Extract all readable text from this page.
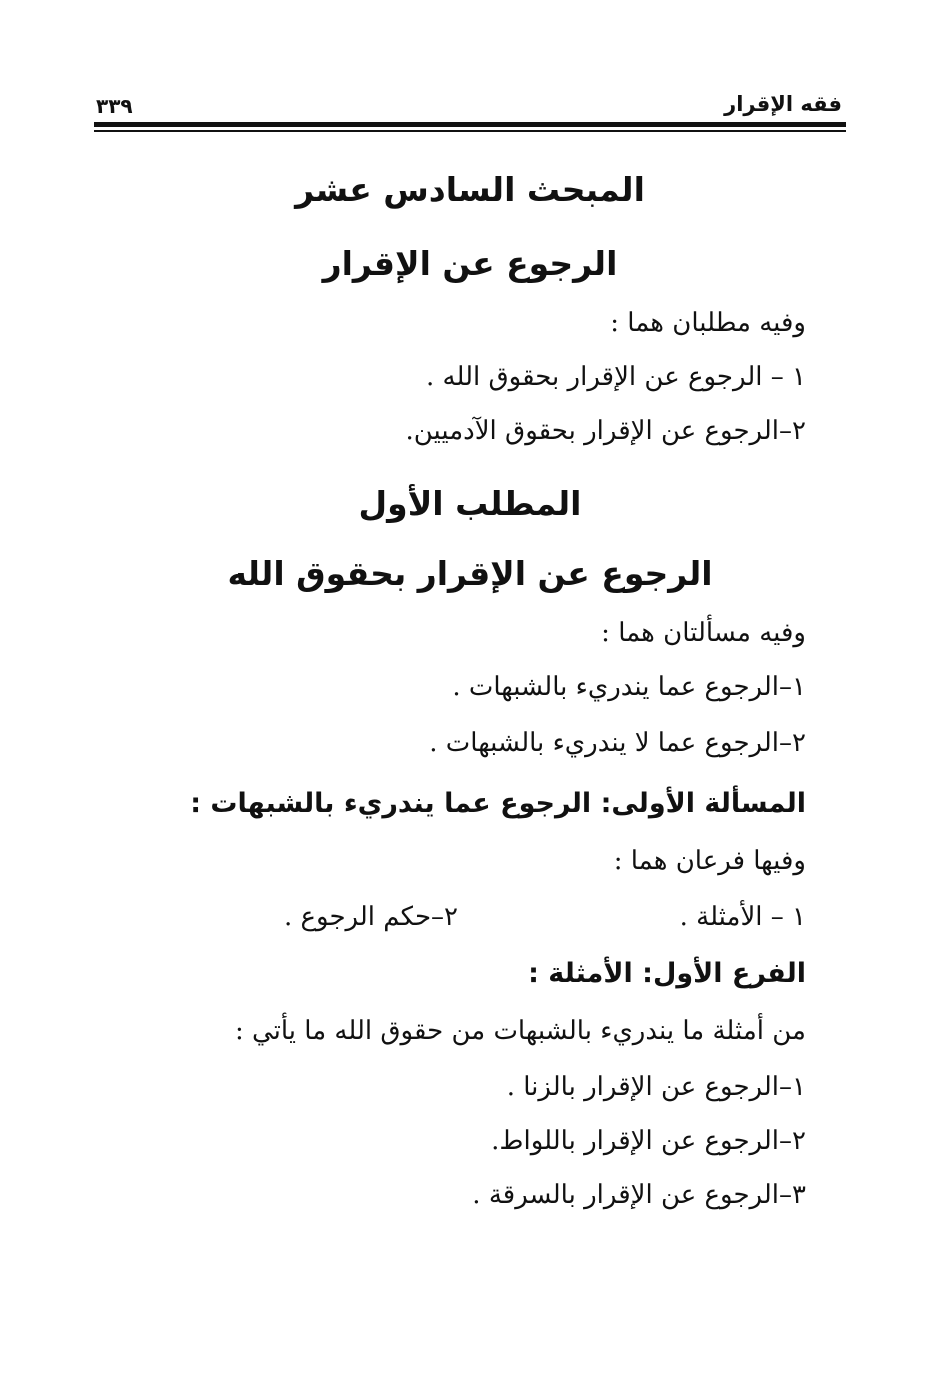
٣٣٩	فقه الإقرار
المبحث السادس عشر
الرجوع عن الإقرار
وفيه مطلبان هما :
١ – الرجوع عن الإقرار بحقوق الله .
٢–الرجوع عن الإقرار بحقوق الآدميين.
المطلب الأول
الرجوع عن الإقرار بحقوق الله
وفيه مسألتان هما :
١–الرجوع عما يندريء بالشبهات .
٢–الرجوع عما لا يندريء بالشبهات .
المسألة الأولى: الرجوع عما يندريء بالشبهات :
وفيها فرعان هما :
١ – الأمثلة .
٢–حكم الرجوع .
الفرع الأول: الأمثلة :
من أمثلة ما يندريء بالشبهات من حقوق الله ما يأتي :
١–الرجوع عن الإقرار بالزنا .
٢–الرجوع عن الإقرار باللواط.
٣–الرجوع عن الإقرار بالسرقة .
